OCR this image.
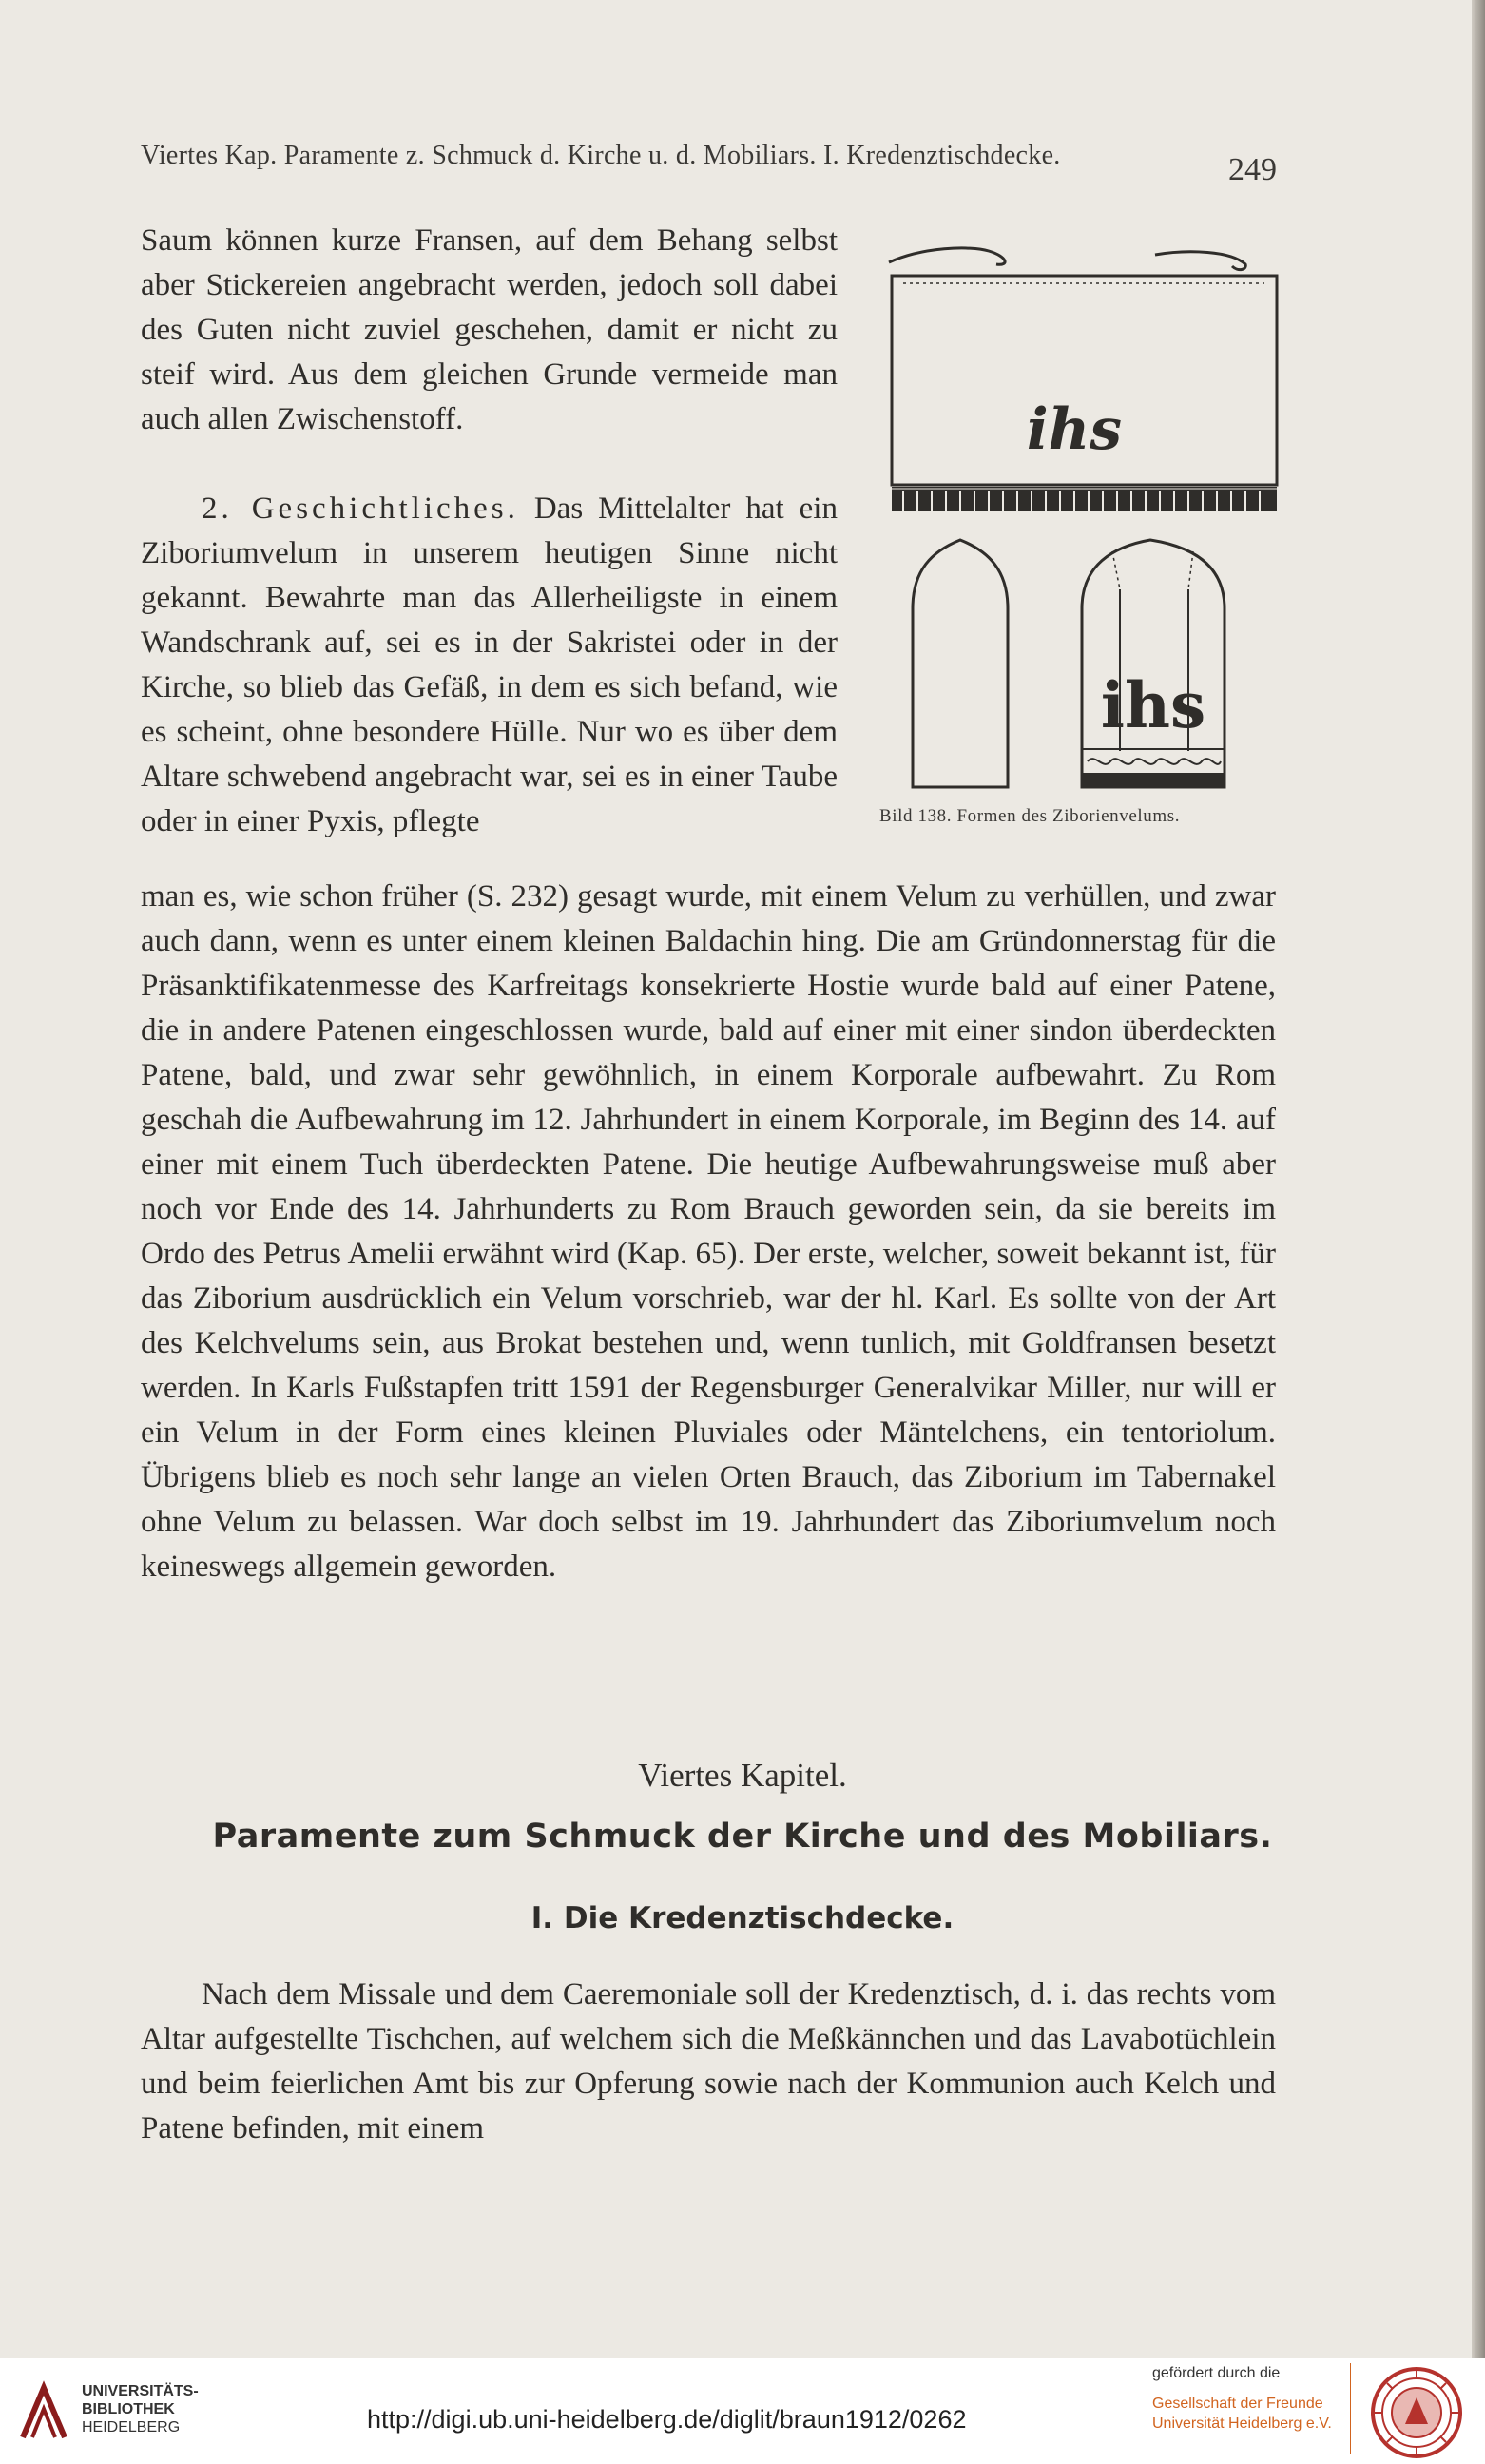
Viertes Kap. Paramente z. Schmuck d. Kirche u. d. Mobiliars. I. Kredenztischdecke.	249

Saum können kurze Fransen, auf dem Behang selbst aber Stickereien angebracht werden, jedoch soll dabei des Guten nicht zuviel geschehen, damit er nicht zu steif wird. Aus dem gleichen Grunde vermeide man auch allen Zwischenstoff.

2. Geschichtliches. Das Mittelalter hat ein Ziboriumvelum in unserem heutigen Sinne nicht gekannt. Bewahrte man das Allerheiligste in einem Wandschrank auf, sei es in der Sakristei oder in der Kirche, so blieb das Gefäß, in dem es sich befand, wie es scheint, ohne besondere Hülle. Nur wo es über dem Altare schwebend angebracht war, sei es in einer Taube oder in einer Pyxis, pflegte

ihs
ihs
Bild 138. Formen des Ziborienvelums.

man es, wie schon früher (S. 232) gesagt wurde, mit einem Velum zu verhüllen, und zwar auch dann, wenn es unter einem kleinen Baldachin hing. Die am Gründonnerstag für die Präsanktifikatenmesse des Karfreitags konsekrierte Hostie wurde bald auf einer Patene, die in andere Patenen eingeschlossen wurde, bald auf einer mit einer sindon überdeckten Patene, bald, und zwar sehr gewöhnlich, in einem Korporale aufbewahrt. Zu Rom geschah die Aufbewahrung im 12. Jahrhundert in einem Korporale, im Beginn des 14. auf einer mit einem Tuch überdeckten Patene. Die heutige Aufbewahrungsweise muß aber noch vor Ende des 14. Jahrhunderts zu Rom Brauch geworden sein, da sie bereits im Ordo des Petrus Amelii erwähnt wird (Kap. 65). Der erste, welcher, soweit bekannt ist, für das Ziborium ausdrücklich ein Velum vorschrieb, war der hl. Karl. Es sollte von der Art des Kelchvelums sein, aus Brokat bestehen und, wenn tunlich, mit Goldfransen besetzt werden. In Karls Fußstapfen tritt 1591 der Regensburger Generalvikar Miller, nur will er ein Velum in der Form eines kleinen Pluviales oder Mäntelchens, ein tentoriolum. Übrigens blieb es noch sehr lange an vielen Orten Brauch, das Ziborium im Tabernakel ohne Velum zu belassen. War doch selbst im 19. Jahrhundert das Ziboriumvelum noch keineswegs allgemein geworden.

Viertes Kapitel.
Paramente zum Schmuck der Kirche und des Mobiliars.
I. Die Kredenztischdecke.

Nach dem Missale und dem Caeremoniale soll der Kredenztisch, d. i. das rechts vom Altar aufgestellte Tischchen, auf welchem sich die Meßkännchen und das Lavabotüchlein und beim feierlichen Amt bis zur Opferung sowie nach der Kommunion auch Kelch und Patene befinden, mit einem

UNIVERSITÄTS-
BIBLIOTHEK
HEIDELBERG	http://digi.ub.uni-heidelberg.de/diglit/braun1912/0262
gefördert durch die
Gesellschaft der Freunde
Universität Heidelberg e.V.
